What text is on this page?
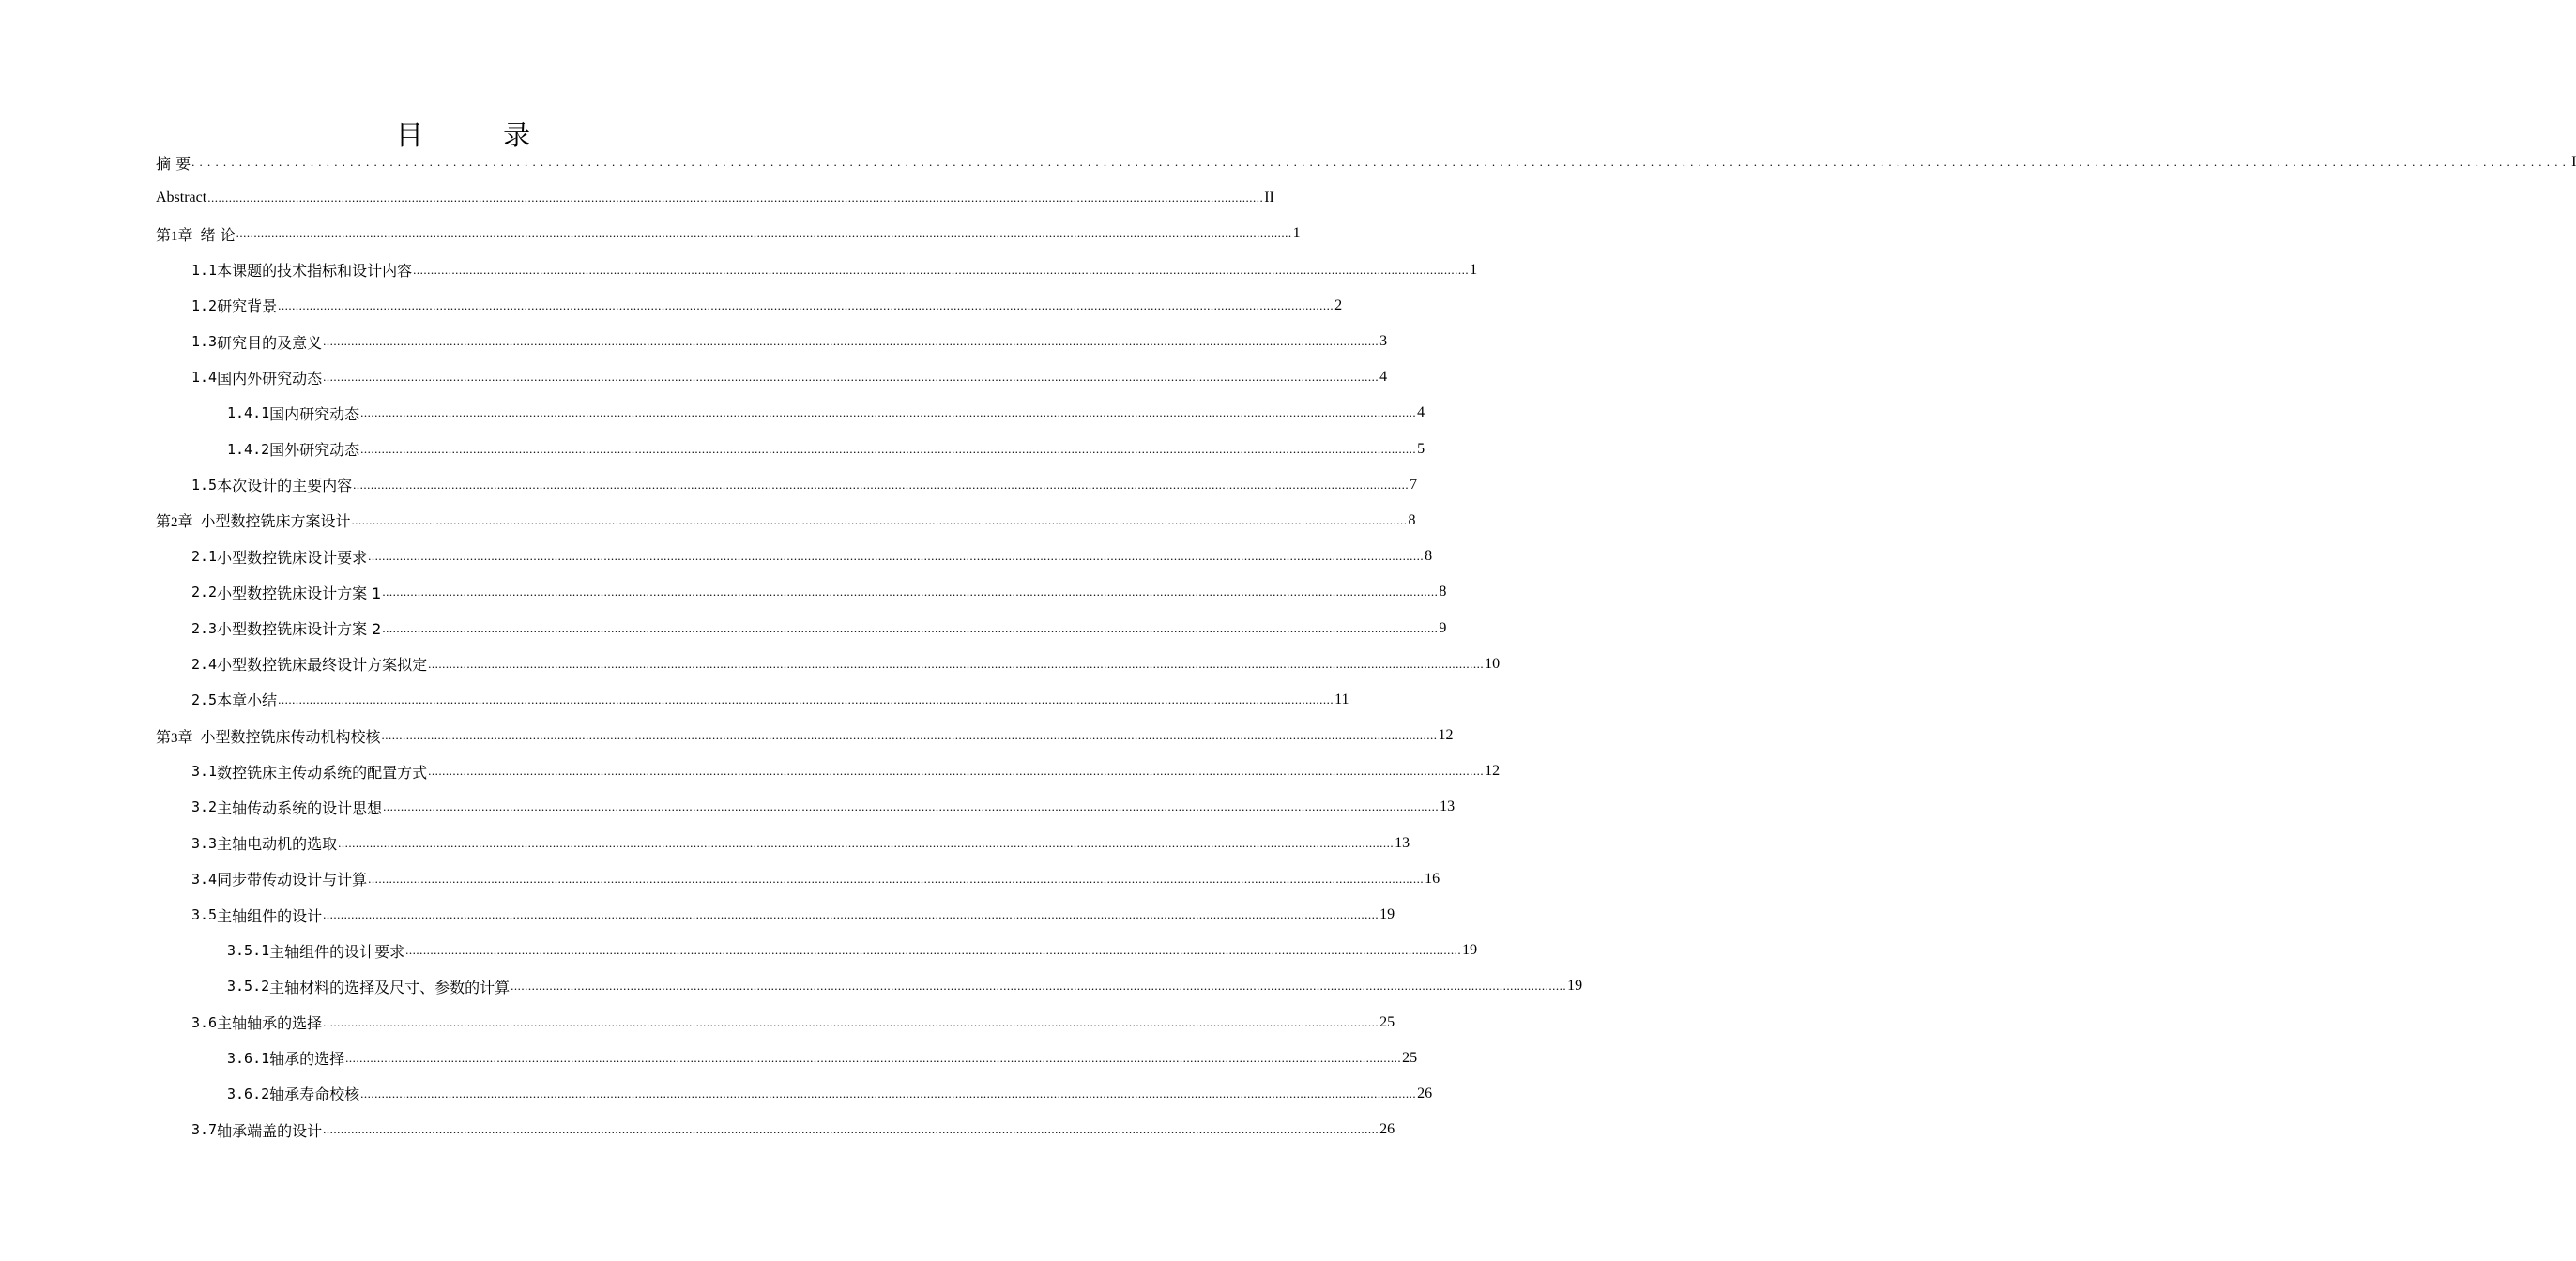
目 录
摘 要 ............................................................................................................................................................................................................................................................................................................ I
Abstract ............................................................................................................................................................................................................................................................................................................ II
第1章 绪 论 ............................................................................................................................................................................................................................................................................................................ 1
1.1 本课题的技术指标和设计内容 ............................................................................................................................................................................................................................................................................................................ 1
1.2 研究背景 ............................................................................................................................................................................................................................................................................................................ 2
1.3 研究目的及意义 ............................................................................................................................................................................................................................................................................................................ 3
1.4 国内外研究动态 ............................................................................................................................................................................................................................................................................................................ 4
1.4.1 国内研究动态 ............................................................................................................................................................................................................................................................................................................ 4
1.4.2 国外研究动态 ............................................................................................................................................................................................................................................................................................................ 5
1.5 本次设计的主要内容 ............................................................................................................................................................................................................................................................................................................ 7
第2章 小型数控铣床方案设计 ............................................................................................................................................................................................................................................................................................................ 8
2.1 小型数控铣床设计要求 ............................................................................................................................................................................................................................................................................................................ 8
2.2 小型数控铣床设计方案 1 ............................................................................................................................................................................................................................................................................................................ 8
2.3 小型数控铣床设计方案 2 ............................................................................................................................................................................................................................................................................................................ 9
2.4 小型数控铣床最终设计方案拟定 ............................................................................................................................................................................................................................................................................................................ 10
2.5 本章小结 ............................................................................................................................................................................................................................................................................................................ 11
第3章 小型数控铣床传动机构校核 ............................................................................................................................................................................................................................................................................................................ 12
3.1 数控铣床主传动系统的配置方式 ............................................................................................................................................................................................................................................................................................................ 12
3.2 主轴传动系统的设计思想 ............................................................................................................................................................................................................................................................................................................ 13
3.3 主轴电动机的选取 ............................................................................................................................................................................................................................................................................................................ 13
3.4 同步带传动设计与计算 ............................................................................................................................................................................................................................................................................................................ 16
3.5 主轴组件的设计 ............................................................................................................................................................................................................................................................................................................ 19
3.5.1 主轴组件的设计要求 ............................................................................................................................................................................................................................................................................................................ 19
3.5.2 主轴材料的选择及尺寸、参数的计算 ............................................................................................................................................................................................................................................................................................................ 19
3.6 主轴轴承的选择 ............................................................................................................................................................................................................................................................................................................ 25
3.6.1 轴承的选择 ............................................................................................................................................................................................................................................................................................................ 25
3.6.2 轴承寿命校核 ............................................................................................................................................................................................................................................................................................................ 26
3.7 轴承端盖的设计 ............................................................................................................................................................................................................................................................................................................ 26
